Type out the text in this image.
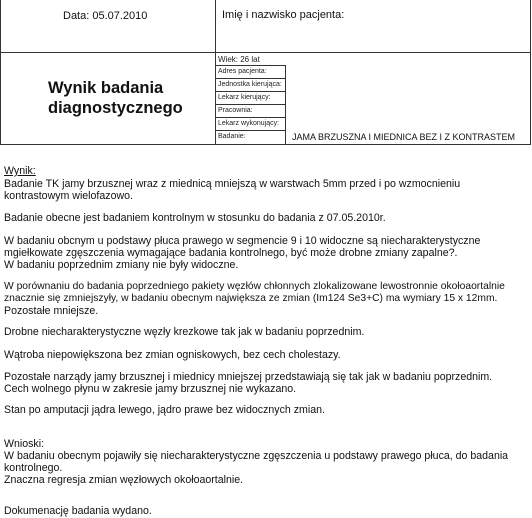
Data: 05.07.2010	Imię i nazwisko pacjenta:
Wynik badania
diagnostycznego
Wiek: 26 lat
Adres pacjenta:
Jednostka kierująca:
Lekarz kierujący:
Pracownia:
Lekarz wykonujący:
Badanie:	JAMA BRZUSZNA I MIEDNICA BEZ I Z KONTRASTEM
Wynik:
Badanie TK jamy brzusznej wraz z miednicą mniejszą w warstwach 5mm przed i po wzmocnieniu
kontrastowym wielofazowo.
Badanie obecne jest badaniem kontrolnym w stosunku do badania z 07.05.2010r.
W badaniu obcnym u podstawy płuca prawego w segmencie 9 i 10 widoczne są niecharakterystyczne
mgiełkowate zgęszczenia wymagające badania kontrolnego, być może drobne zmiany zapalne?.
W badaniu poprzednim zmiany nie były widoczne.
W porównaniu do badania poprzedniego pakiety węzłów chłonnych zlokalizowane lewostronnie okołoaortalnie
znacznie się zmniejszyły, w badaniu obecnym największa ze zmian (Im124 Se3+C) ma wymiary 15 x 12mm.
Pozostałe mniejsze.
Drobne niecharakterystyczne węzły krezkowe tak jak w badaniu poprzednim.
Wątroba niepowiększona bez zmian ogniskowych, bez cech cholestazy.
Pozostałe narządy jamy brzusznej i miednicy mniejszej przedstawiają się tak jak w badaniu poprzednim.
Cech wolnego płynu w zakresie jamy brzusznej nie wykazano.
Stan po amputacji jądra lewego, jądro prawe bez widocznych zmian.
Wnioski:
W badaniu obecnym pojawiły się niecharakterystyczne zgęszczenia u podstawy prawego płuca, do badania
kontrolnego.
Znaczna regresja zmian węzłowych okołoaortalnie.
Dokumenację badania wydano.
